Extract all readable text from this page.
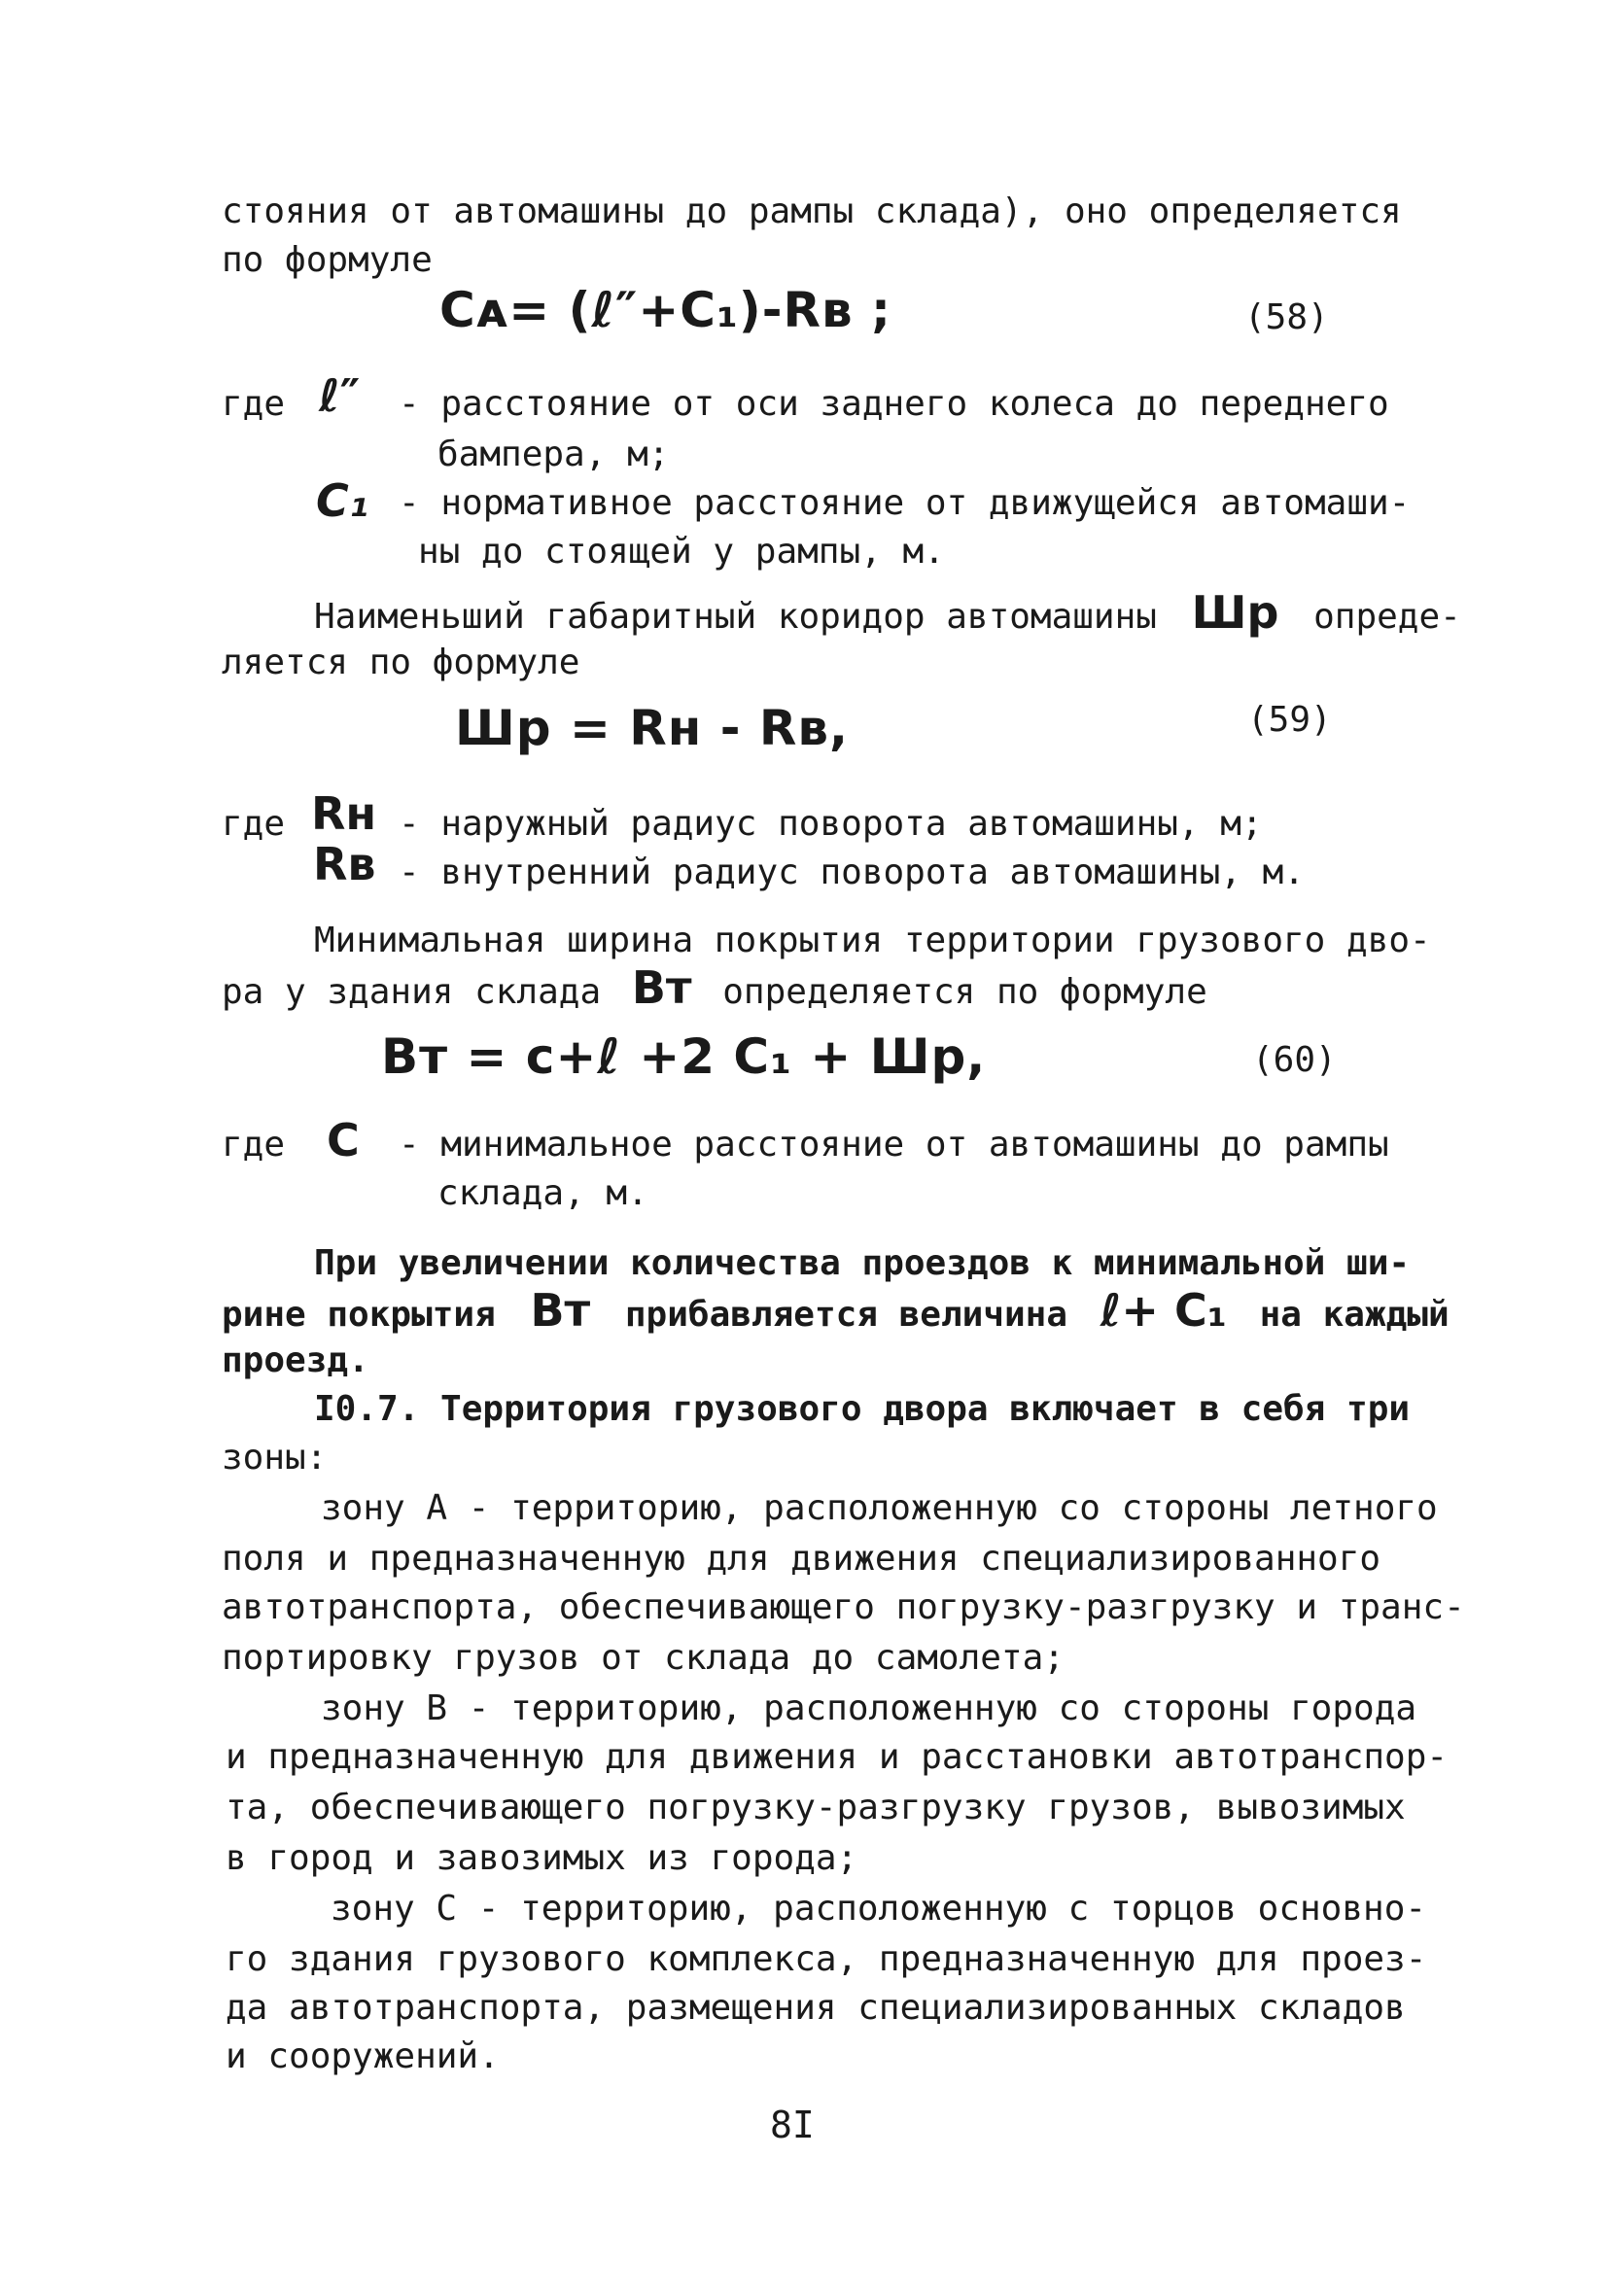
стояния от автомашины до рампы склада), оно определяется
по формуле
Cᴀ= (ℓ″+C₁)-Rв ;	(58)
где ℓ″ - расстояние от оси заднего колеса до переднего
бампера, м;
C₁ - нормативное расстояние от движущейся автомаши-
ны до стоящей у рампы, м.
Наименьший габаритный коридор автомашины Шр опреде-
ляется по формуле
Шр = Rн - Rв,	(59)
где Rн - наружный радиус поворота автомашины, м;
Rв - внутренний радиус поворота автомашины, м.
Минимальная ширина покрытия территории грузового дво-
ра у здания склада Bт определяется по формуле
Bт = c+ℓ +2 C₁ + Шр,	(60)
где C - минимальное расстояние от автомашины до рампы
склада, м.
При увеличении количества проездов к минимальной ши-
рине покрытия Bт прибавляется величина ℓ+ C₁ на каждый
проезд.
I0.7. Территория грузового двора включает в себя три
зоны:
зону А - территорию, расположенную со стороны летного
поля и предназначенную для движения специализированного
автотранспорта, обеспечивающего погрузку-разгрузку и транс-
портировку грузов от склада до самолета;
зону В - территорию, расположенную со стороны города
и предназначенную для движения и расстановки автотранспор-
та, обеспечивающего погрузку-разгрузку грузов, вывозимых
в город и завозимых из города;
зону С - территорию, расположенную с торцов основно-
го здания грузового комплекса, предназначенную для проез-
да автотранспорта, размещения специализированных складов
и сооружений.
8I
